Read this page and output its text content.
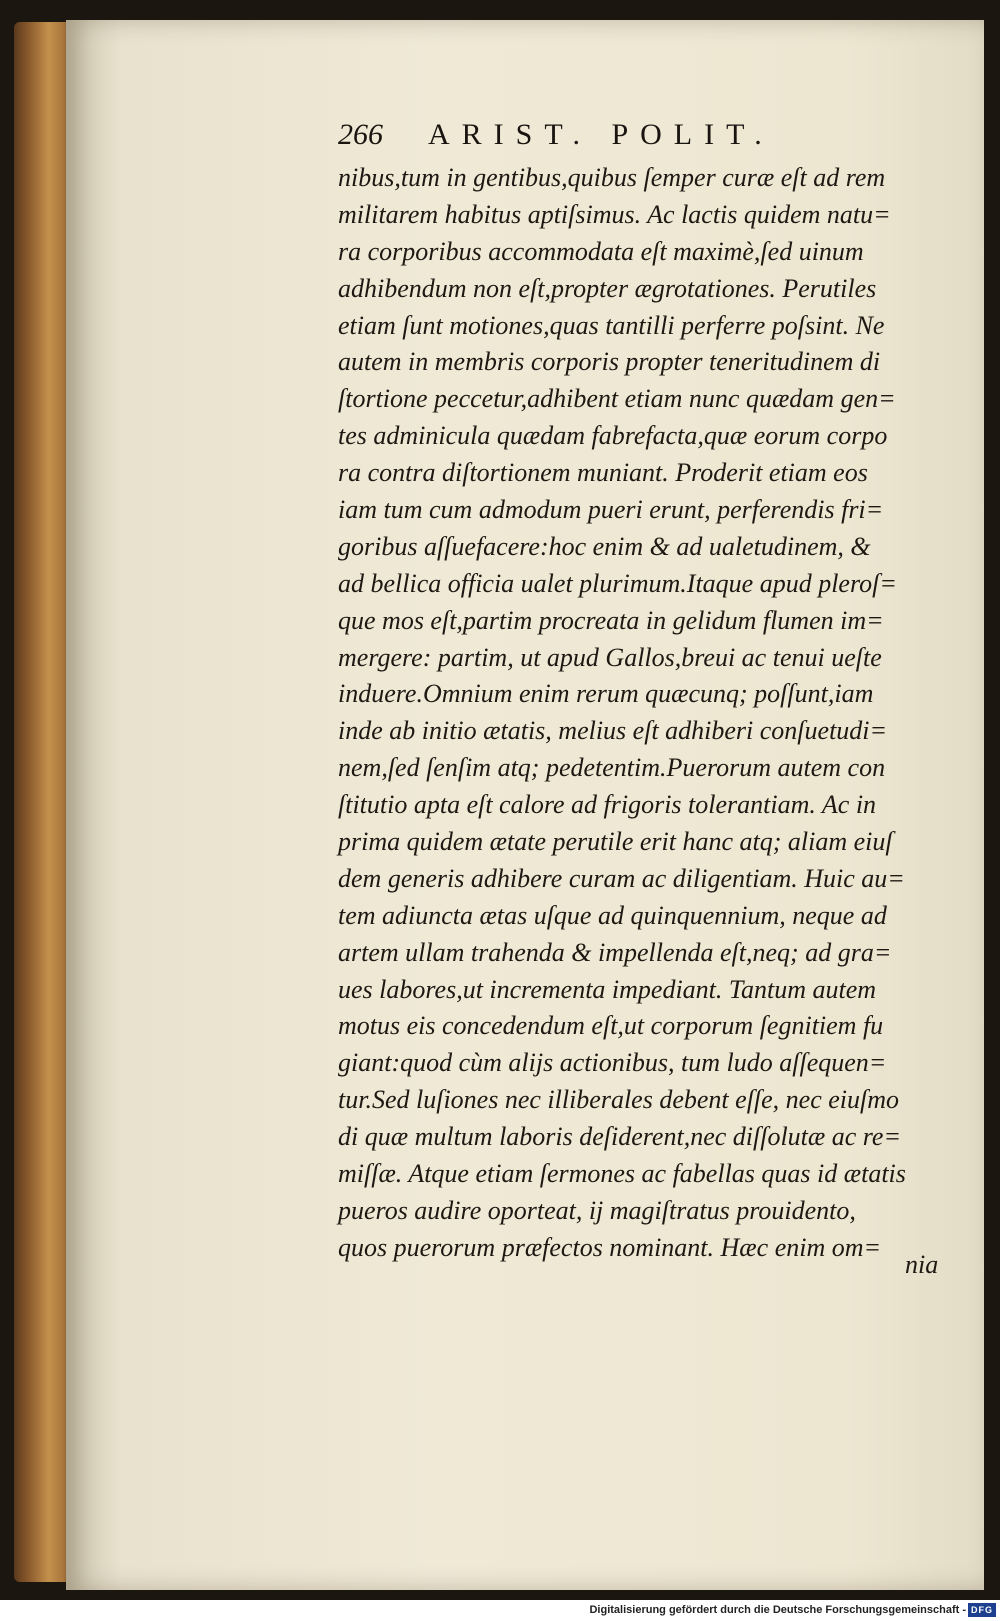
266 ARIST. POLIT.
nibus,tum in gentibus,quibus ſemper curæ eſt ad rem
militarem habitus aptiſsimus. Ac lactis quidem natu=
ra corporibus accommodata eſt maximè,ſed uinum
adhibendum non eſt,propter ægrotationes. Perutiles
etiam ſunt motiones,quas tantilli perferre poſsint. Ne
autem in membris corporis propter teneritudinem di
ſtortione peccetur,adhibent etiam nunc quædam gen=
tes adminicula quædam fabrefacta,quæ eorum corpo
ra contra diſtortionem muniant. Proderit etiam eos
iam tum cum admodum pueri erunt, perferendis fri=
goribus aſſuefacere:hoc enim & ad ualetudinem, &
ad bellica officia ualet plurimum.Itaque apud pleroſ=
que mos eſt,partim procreata in gelidum flumen im=
mergere: partim, ut apud Gallos,breui ac tenui ueſte
induere.Omnium enim rerum quæcunq; poſſunt,iam
inde ab initio ætatis, melius eſt adhiberi conſuetudi=
nem,ſed ſenſim atq; pedetentim.Puerorum autem con
ſtitutio apta eſt calore ad frigoris tolerantiam. Ac in
prima quidem ætate perutile erit hanc atq; aliam eiuſ
dem generis adhibere curam ac diligentiam. Huic au=
tem adiuncta ætas uſque ad quinquennium, neque ad
artem ullam trahenda & impellenda eſt,neq; ad gra=
ues labores,ut incrementa impediant. Tantum autem
motus eis concedendum eſt,ut corporum ſegnitiem fu
giant:quod cùm alijs actionibus, tum ludo aſſequen=
tur.Sed luſiones nec illiberales debent eſſe, nec eiuſmo
di quæ multum laboris deſiderent,nec diſſolutæ ac re=
miſſæ. Atque etiam ſermones ac fabellas quas id ætatis
pueros audire oporteat, ij magiſtratus prouidento,
quos puerorum præfectos nominant. Hæc enim om=
nia
Digitalisierung gefördert durch die Deutsche Forschungsgemeinschaft - DFG
